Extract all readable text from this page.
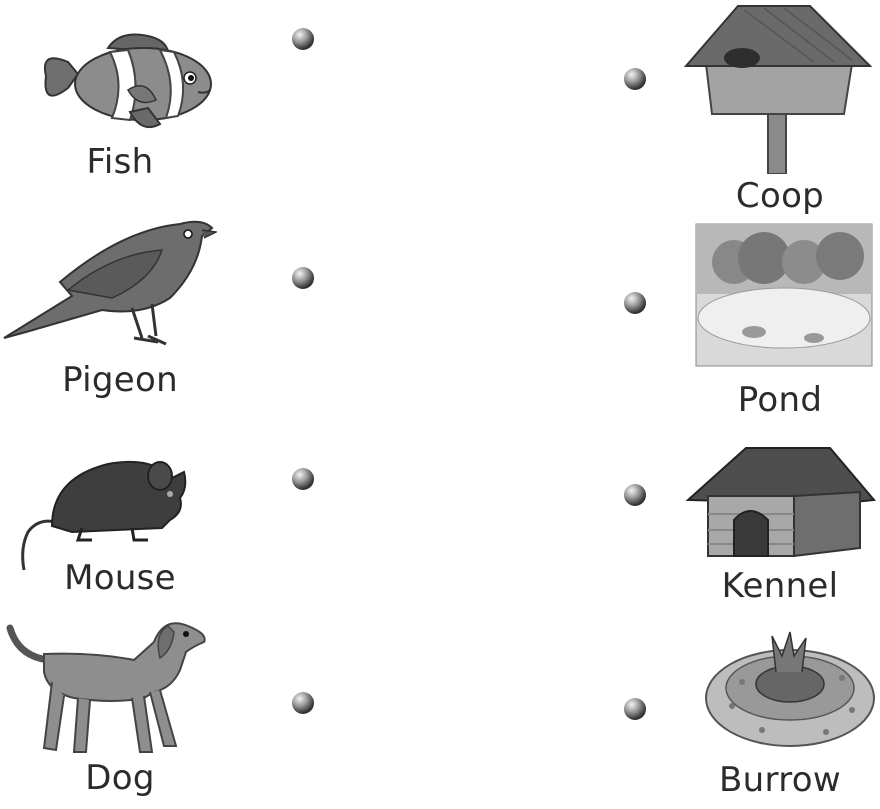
Fish
Pigeon
Mouse
Dog
Coop
Pond
Kennel
Burrow
